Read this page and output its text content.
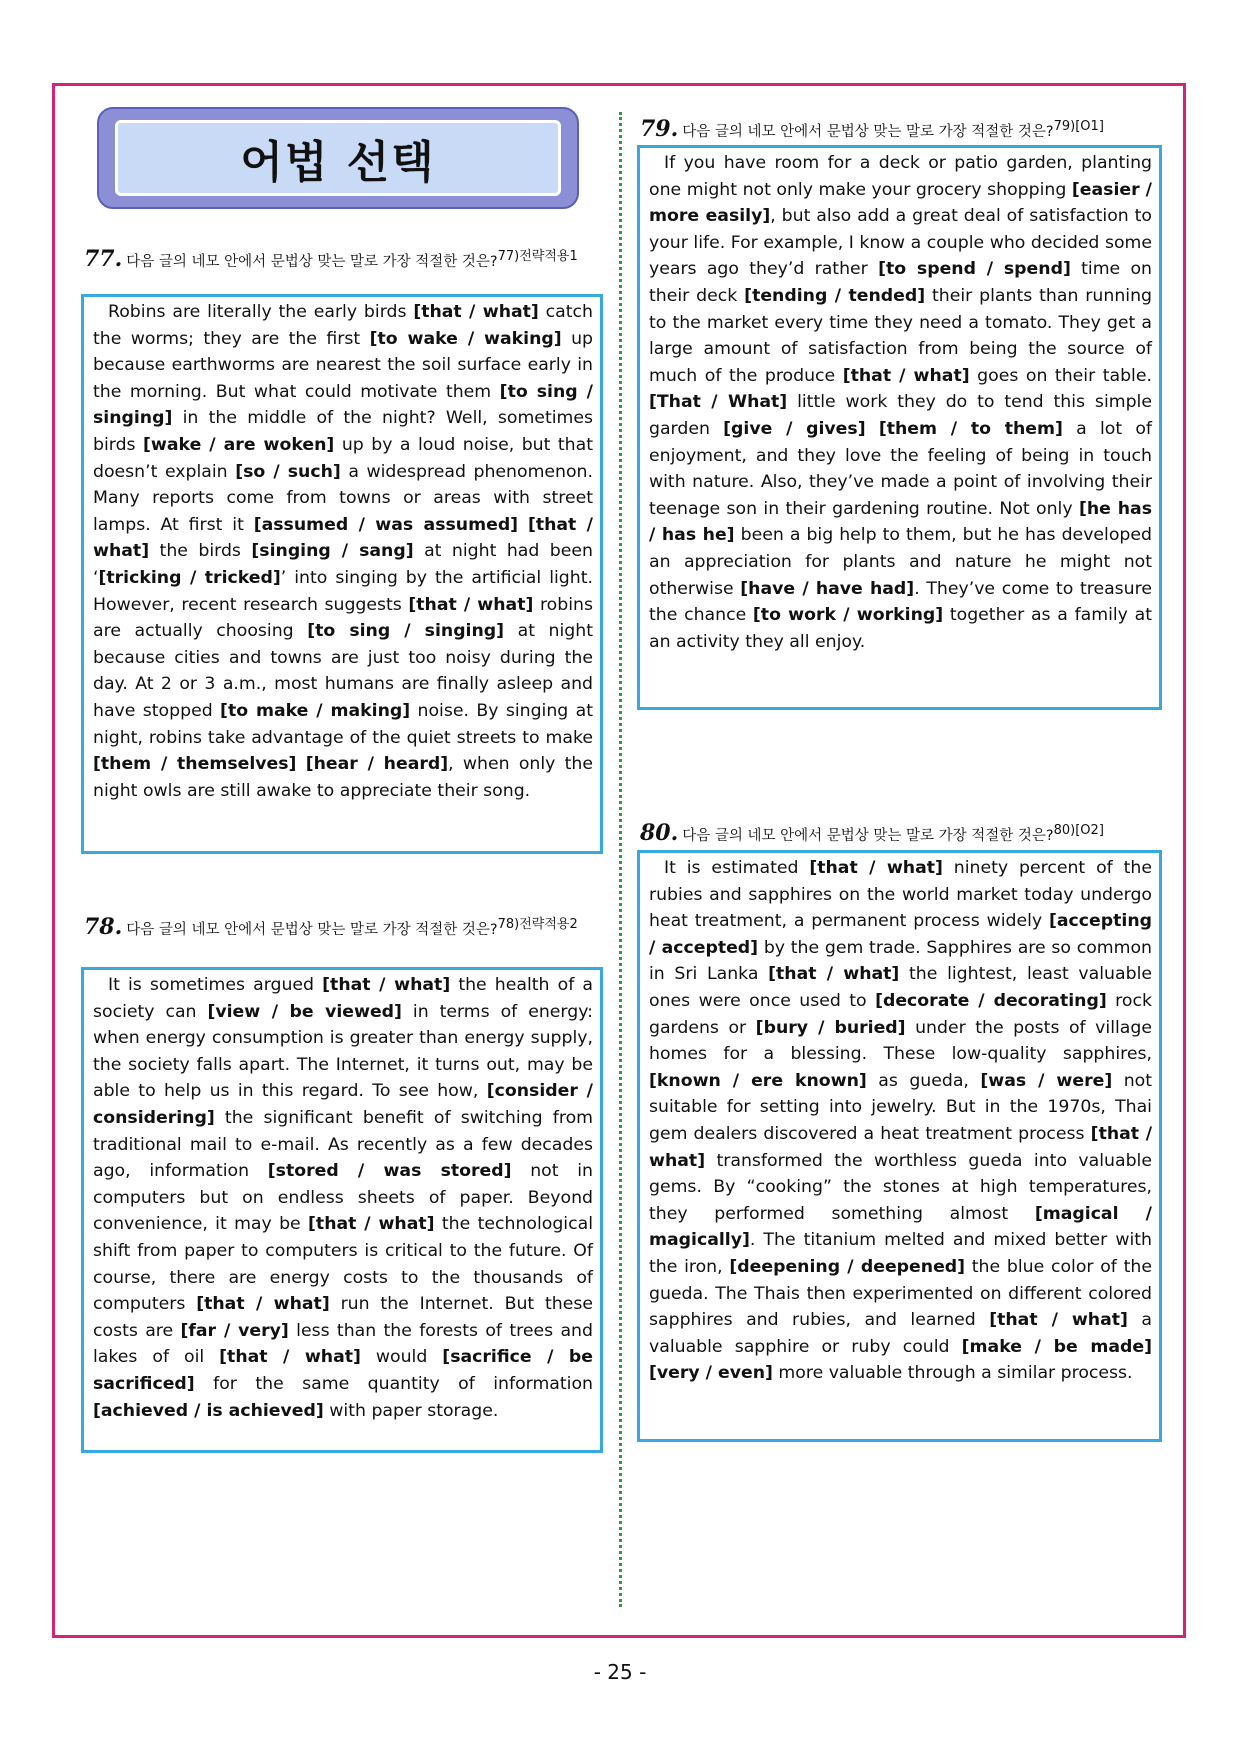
어법 선택
77. 다음 글의 네모 안에서 문법상 맞는 말로 가장 적절한 것은?$^{77)전략적용1}$

Robins are literally the early birds [that / what] catch the worms; they are the first [to wake / waking] up because earthworms are nearest the soil surface early in the morning. But what could motivate them [to sing / singing] in the middle of the night? Well, sometimes birds [wake / are woken] up by a loud noise, but that doesn’t explain [so / such] a widespread phenomenon. Many reports come from towns or areas with street lamps. At first it [assumed / was assumed] [that / what] the birds [singing / sang] at night had been ‘[tricking / tricked]’ into singing by the artificial light. However, recent research suggests [that / what] robins are actually choosing [to sing / singing] at night because cities and towns are just too noisy during the day. At 2 or 3 a.m., most humans are finally asleep and have stopped [to make / making] noise. By singing at night, robins take advantage of the quiet streets to make [them / themselves] [hear / heard], when only the night owls are still awake to appreciate their song.

78. 다음 글의 네모 안에서 문법상 맞는 말로 가장 적절한 것은?$^{78)전략적용2}$

It is sometimes argued [that / what] the health of a society can [view / be viewed] in terms of energy: when energy consumption is greater than energy supply, the society falls apart. The Internet, it turns out, may be able to help us in this regard. To see how, [consider / considering] the significant benefit of switching from traditional mail to e-mail. As recently as a few decades ago, information [stored / was stored] not in computers but on endless sheets of paper. Beyond convenience, it may be [that / what] the technological shift from paper to computers is critical to the future. Of course, there are energy costs to the thousands of computers [that / what] run the Internet. But these costs are [far / very] less than the forests of trees and lakes of oil [that / what] would [sacrifice / be sacrificed] for the same quantity of information [achieved / is achieved] with paper storage.

79. 다음 글의 네모 안에서 문법상 맞는 말로 가장 적절한 것은?$^{79)[O1]}$

If you have room for a deck or patio garden, planting one might not only make your grocery shopping [easier / more easily], but also add a great deal of satisfaction to your life. For example, I know a couple who decided some years ago they’d rather [to spend / spend] time on their deck [tending / tended] their plants than running to the market every time they need a tomato. They get a large amount of satisfaction from being the source of much of the produce [that / what] goes on their table. [That / What] little work they do to tend this simple garden [give / gives] [them / to them] a lot of enjoyment, and they love the feeling of being in touch with nature. Also, they’ve made a point of involving their teenage son in their gardening routine. Not only [he has / has he] been a big help to them, but he has developed an appreciation for plants and nature he might not otherwise [have / have had]. They’ve come to treasure the chance [to work / working] together as a family at an activity they all enjoy.

80. 다음 글의 네모 안에서 문법상 맞는 말로 가장 적절한 것은?$^{80)[O2]}$

It is estimated [that / what] ninety percent of the rubies and sapphires on the world market today undergo heat treatment, a permanent process widely [accepting / accepted] by the gem trade. Sapphires are so common in Sri Lanka [that / what] the lightest, least valuable ones were once used to [decorate / decorating] rock gardens or [bury / buried] under the posts of village homes for a blessing. These low-quality sapphires, [known / ere known] as gueda, [was / were] not suitable for setting into jewelry. But in the 1970s, Thai gem dealers discovered a heat treatment process [that / what] transformed the worthless gueda into valuable gems. By “cooking” the stones at high temperatures, they performed something almost [magical / magically]. The titanium melted and mixed better with the iron, [deepening / deepened] the blue color of the gueda. The Thais then experimented on different colored sapphires and rubies, and learned [that / what] a valuable sapphire or ruby could [make / be made] [very / even] more valuable through a similar process.

- 25 -
